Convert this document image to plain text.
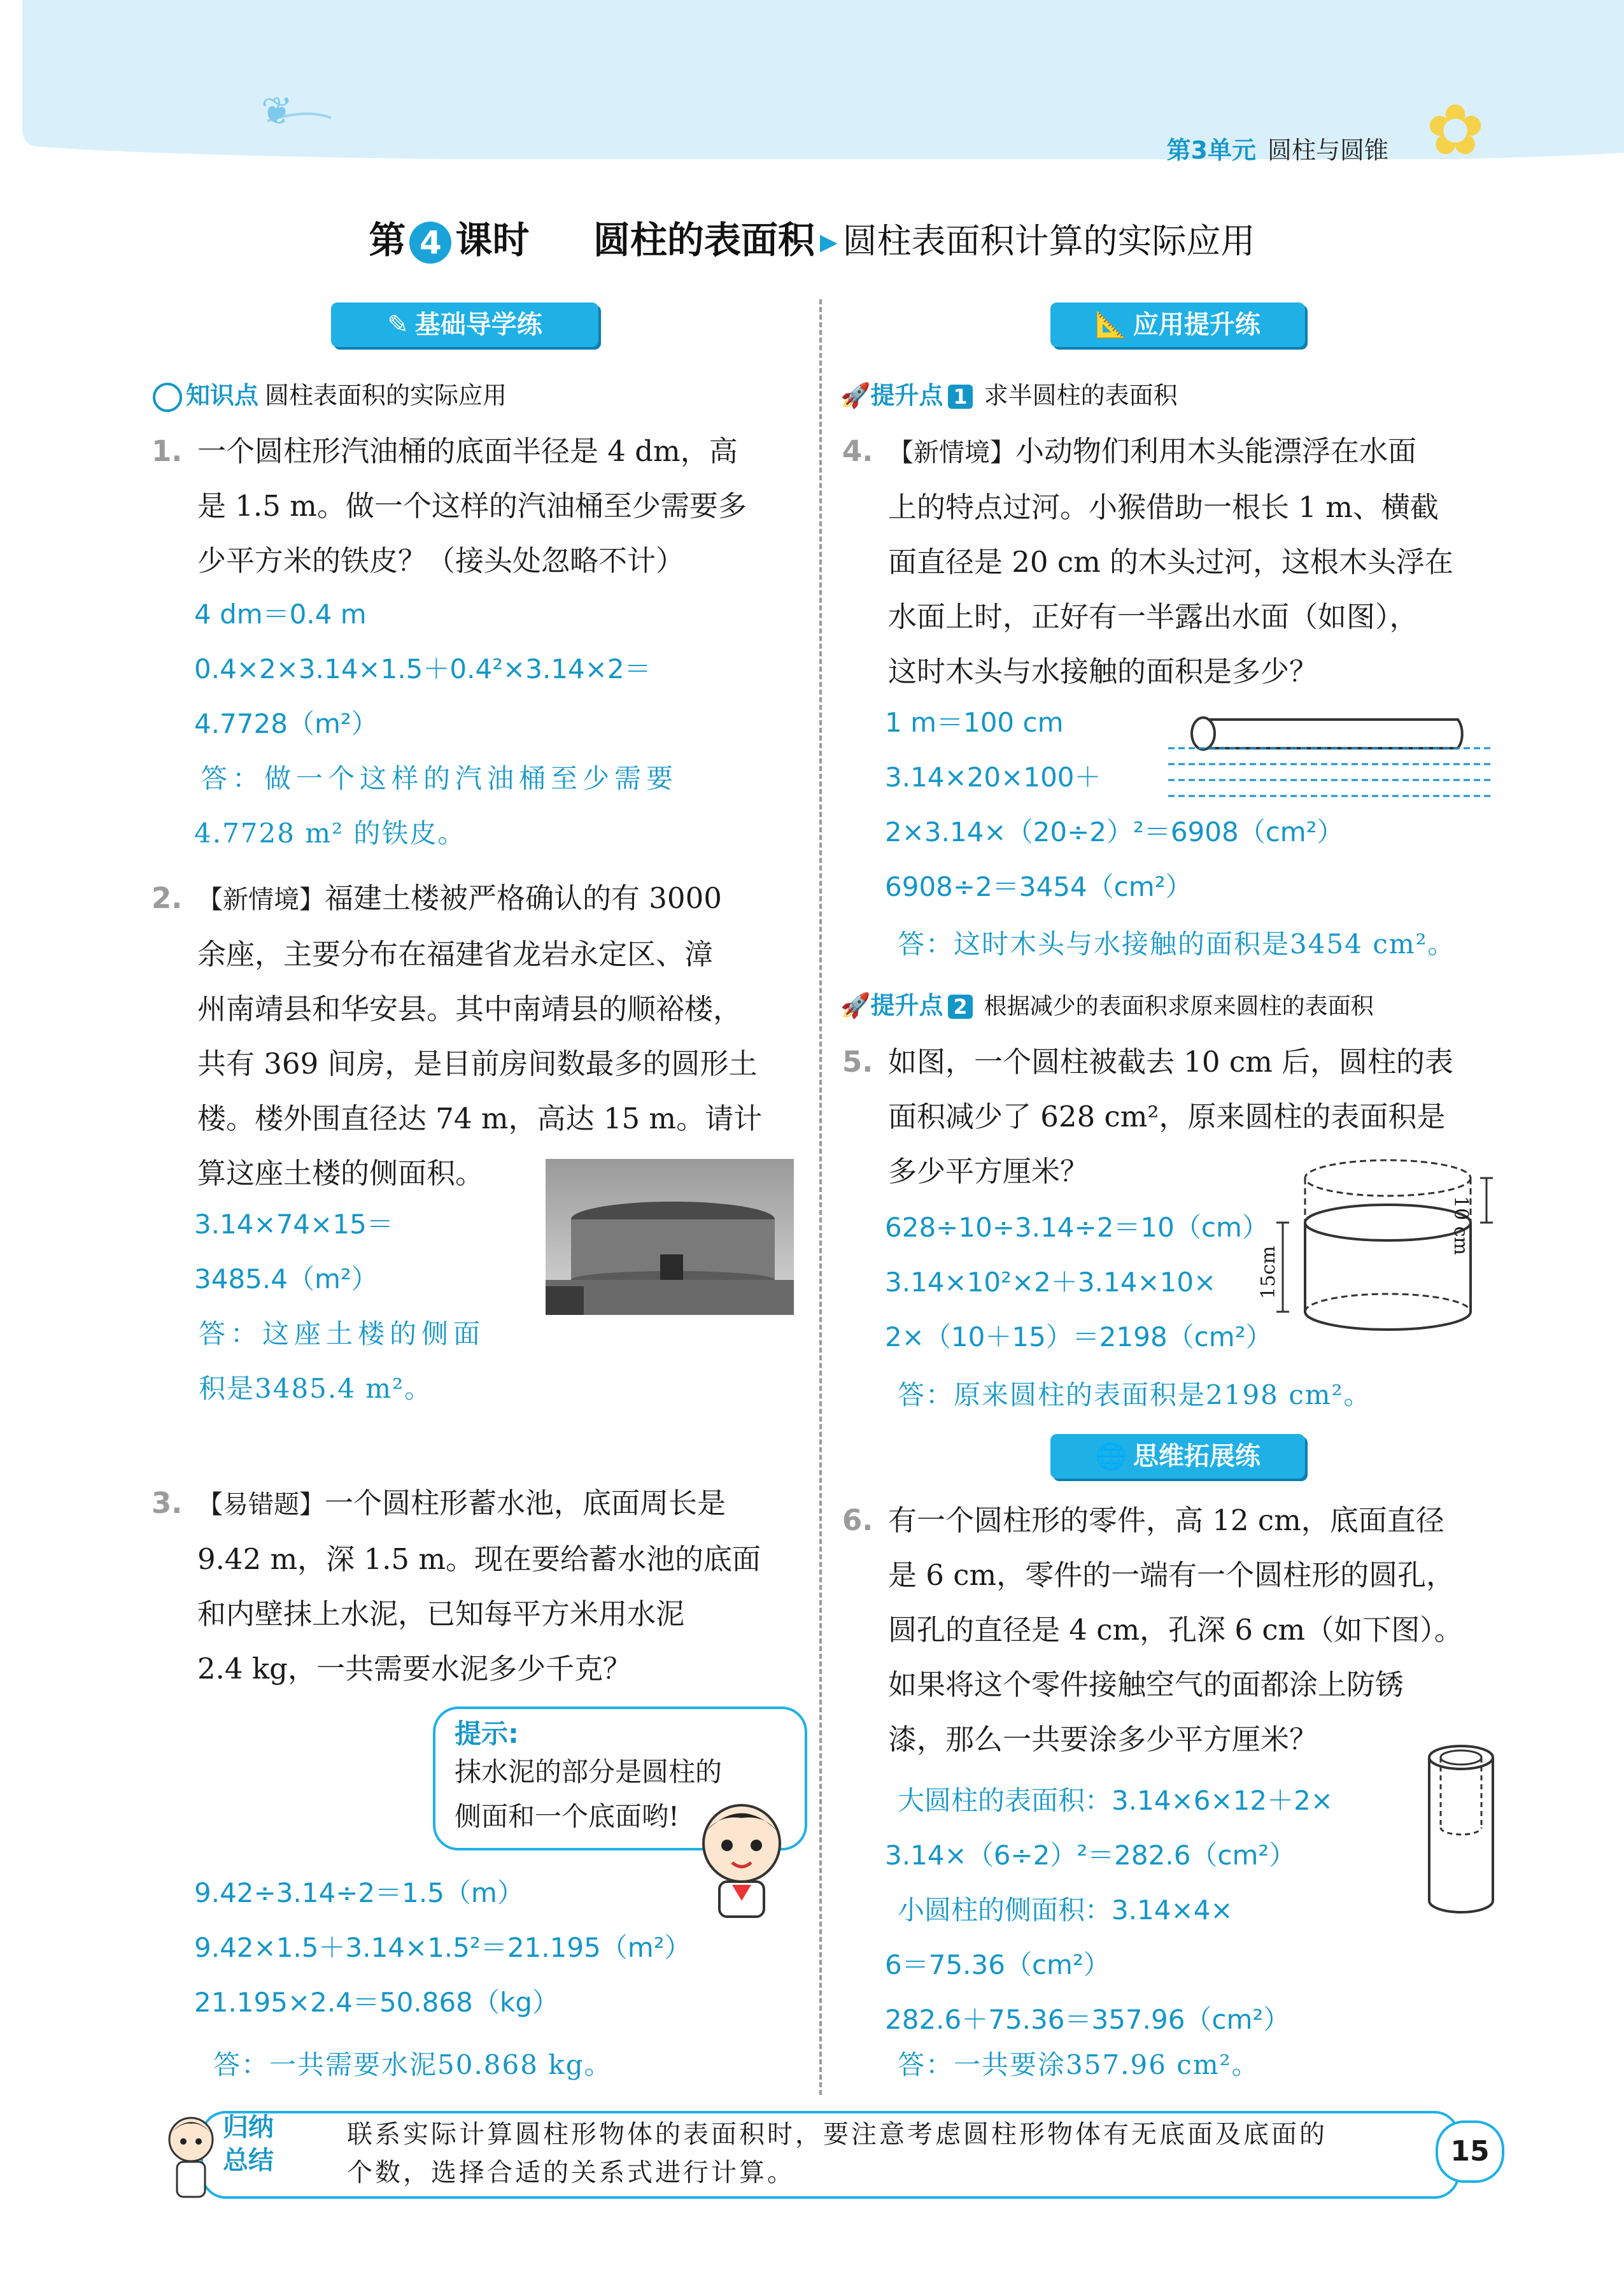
❦	✿
第3单元 圆柱与圆锥
第 4 课时 圆柱的表面积 ▶ 圆柱表面积计算的实际应用
✎ 基础导学练
知识点 圆柱表面积的实际应用
1. 一个圆柱形汽油桶的底面半径是 4 dm，高
是 1.5 m。做一个这样的汽油桶至少需要多
少平方米的铁皮？（接头处忽略不计）
4 dm＝0.4 m
0.4×2×3.14×1.5＋0.4²×3.14×2＝
4.7728（m²）
答：做一个这样的汽油桶至少需要
4.7728 m² 的铁皮。
2. 【新情境】福建土楼被严格确认的有 3000
余座，主要分布在福建省龙岩永定区、漳
州南靖县和华安县。其中南靖县的顺裕楼，
共有 369 间房，是目前房间数最多的圆形土
楼。楼外围直径达 74 m，高达 15 m。请计
算这座土楼的侧面积。
3.14×74×15＝
3485.4（m²）
答：这座土楼的侧面
积是3485.4 m²。
3. 【易错题】一个圆柱形蓄水池，底面周长是
9.42 m，深 1.5 m。现在要给蓄水池的底面
和内壁抹上水泥，已知每平方米用水泥
2.4 kg，一共需要水泥多少千克？
提示:
抹水泥的部分是圆柱的
侧面和一个底面哟!
9.42÷3.14÷2＝1.5（m）
9.42×1.5＋3.14×1.5²＝21.195（m²）
21.195×2.4＝50.868（kg）
答：一共需要水泥50.868 kg。
📐 应用提升练
🚀提升点 1 求半圆柱的表面积
4. 【新情境】小动物们利用木头能漂浮在水面
上的特点过河。小猴借助一根长 1 m、横截
面直径是 20 cm 的木头过河，这根木头浮在
水面上时，正好有一半露出水面（如图），
这时木头与水接触的面积是多少？
1 m＝100 cm
3.14×20×100＋
2×3.14×（20÷2）²＝6908（cm²）
6908÷2＝3454（cm²）
答：这时木头与水接触的面积是3454 cm²。
🚀提升点 2 根据减少的表面积求原来圆柱的表面积
5. 如图，一个圆柱被截去 10 cm 后，圆柱的表
面积减少了 628 cm²，原来圆柱的表面积是
多少平方厘米？
10 cm
15cm
628÷10÷3.14÷2＝10（cm）
3.14×10²×2＋3.14×10×
2×（10＋15）＝2198（cm²）
答：原来圆柱的表面积是2198 cm²。
🌐 思维拓展练
6. 有一个圆柱形的零件，高 12 cm，底面直径
是 6 cm，零件的一端有一个圆柱形的圆孔，
圆孔的直径是 4 cm，孔深 6 cm（如下图）。
如果将这个零件接触空气的面都涂上防锈
漆，那么一共要涂多少平方厘米？
大圆柱的表面积：3.14×6×12＋2×
3.14×（6÷2）²＝282.6（cm²）
小圆柱的侧面积：3.14×4×
6＝75.36（cm²）
282.6＋75.36＝357.96（cm²）
答：一共要涂357.96 cm²。
归纳
总结
联系实际计算圆柱形物体的表面积时，要注意考虑圆柱形物体有无底面及底面的
个数，选择合适的关系式进行计算。
15
